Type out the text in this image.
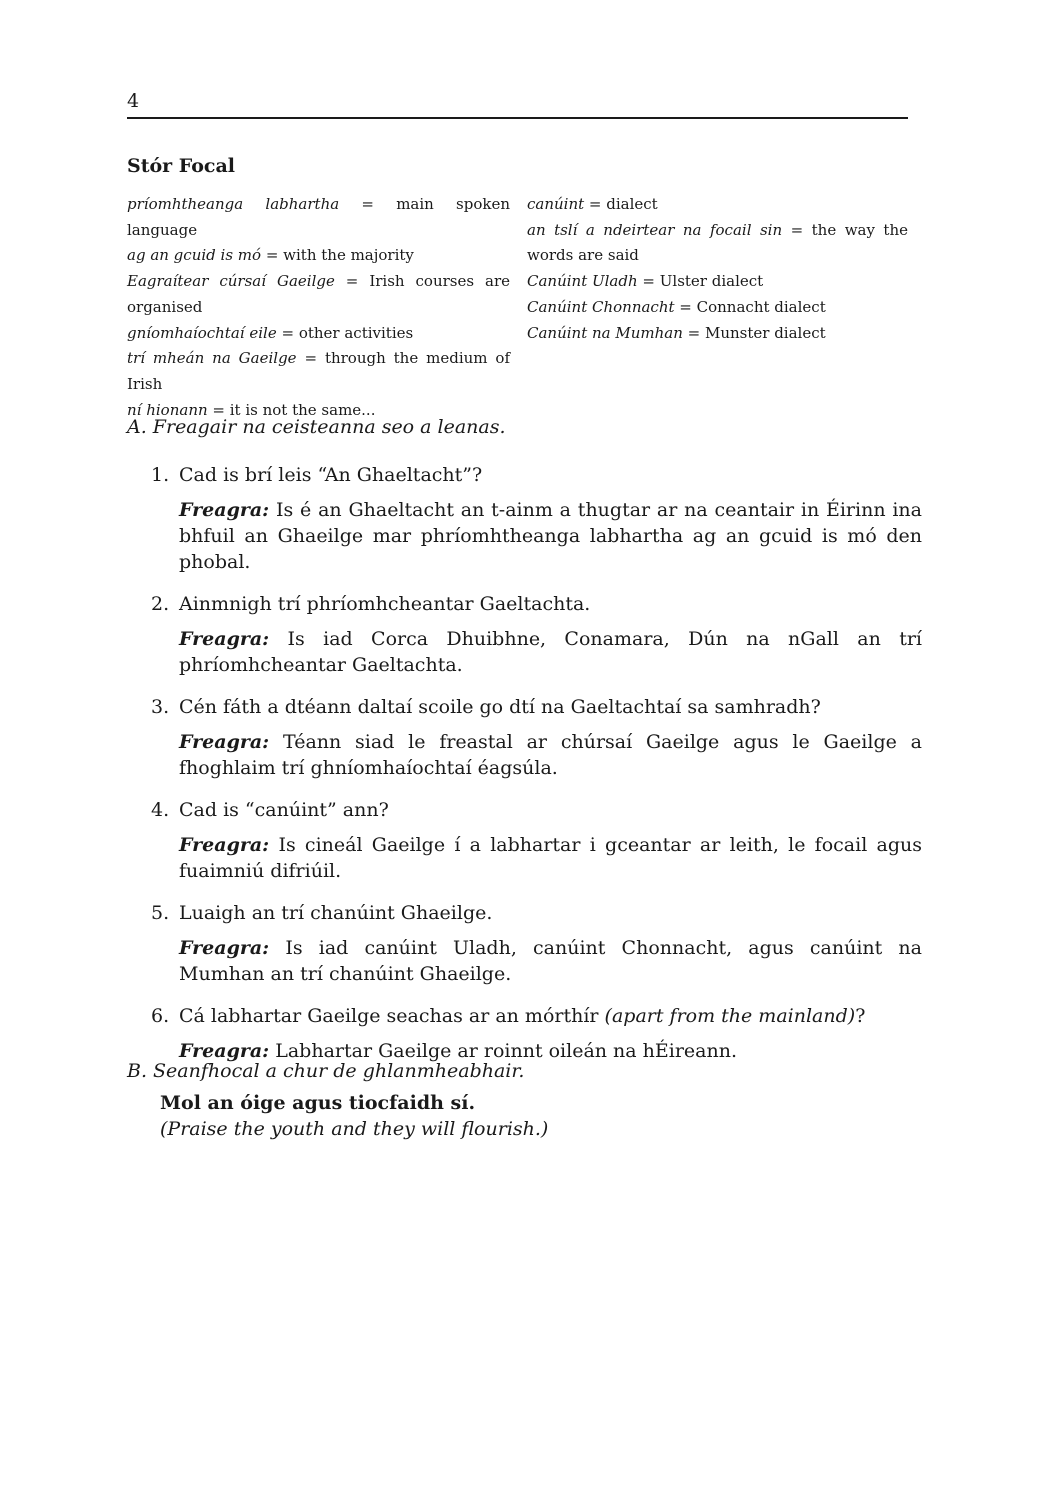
4
Stór Focal
príomhtheanga labhartha = main spoken language
ag an gcuid is mó = with the majority
Eagraítear cúrsaí Gaeilge = Irish courses are organised
gníomhaíochtaí eile = other activities
trí mheán na Gaeilge = through the medium of Irish
ní hionann = it is not the same...
canúint = dialect
an tslí a ndeirtear na focail sin = the way the words are said
Canúint Uladh = Ulster dialect
Canúint Chonnacht = Connacht dialect
Canúint na Mumhan = Munster dialect
A. Freagair na ceisteanna seo a leanas.
1. Cad is brí leis “An Ghaeltacht”?
Freagra: Is é an Ghaeltacht an t-ainm a thugtar ar na ceantair in Éirinn ina bhfuil an Ghaeilge mar phríomhtheanga labhartha ag an gcuid is mó den phobal.
2. Ainmnigh trí phríomhcheantar Gaeltachta.
Freagra: Is iad Corca Dhuibhne, Conamara, Dún na nGall an trí phríomhcheantar Gaeltachta.
3. Cén fáth a dtéann daltaí scoile go dtí na Gaeltachtaí sa samhradh?
Freagra: Téann siad le freastal ar chúrsaí Gaeilge agus le Gaeilge a fhoghlaim trí ghníomhaíochtaí éagsúla.
4. Cad is “canúint” ann?
Freagra: Is cineál Gaeilge í a labhartar i gceantar ar leith, le focail agus fuaimniú difriúil.
5. Luaigh an trí chanúint Ghaeilge.
Freagra: Is iad canúint Uladh, canúint Chonnacht, agus canúint na Mumhan an trí chanúint Ghaeilge.
6. Cá labhartar Gaeilge seachas ar an mórthír (apart from the mainland)?
Freagra: Labhartar Gaeilge ar roinnt oileán na hÉireann.
B. Seanfhocal a chur de ghlanmheabhair.
Mol an óige agus tiocfaidh sí.
(Praise the youth and they will flourish.)
